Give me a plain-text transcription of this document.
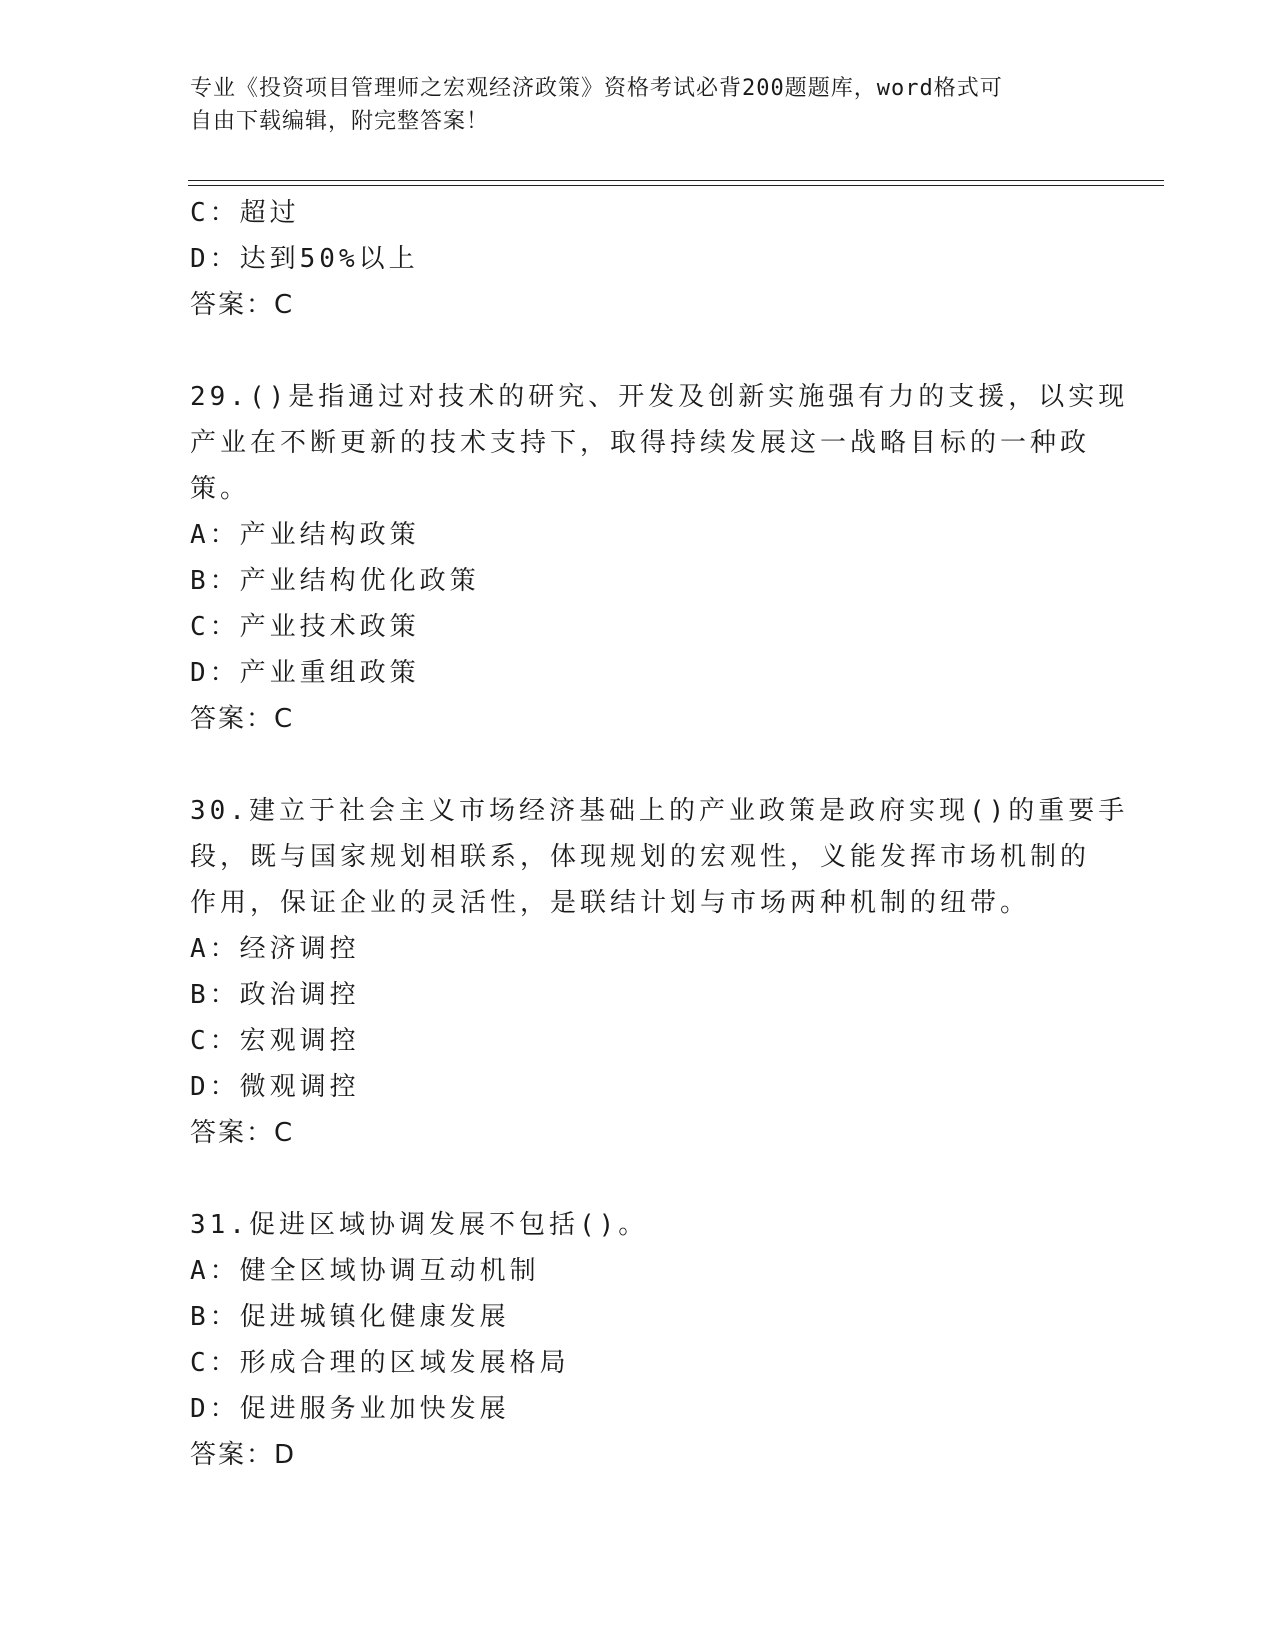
专业《投资项目管理师之宏观经济政策》资格考试必背200题题库，word格式可
自由下载编辑，附完整答案！
C：超过
D：达到50%以上
答案：C
29.()是指通过对技术的研究、开发及创新实施强有力的支援，以实现
产业在不断更新的技术支持下，取得持续发展这一战略目标的一种政
策。
A：产业结构政策
B：产业结构优化政策
C：产业技术政策
D：产业重组政策
答案：C
30.建立于社会主义市场经济基础上的产业政策是政府实现()的重要手
段，既与国家规划相联系，体现规划的宏观性，义能发挥市场机制的
作用，保证企业的灵活性，是联结计划与市场两种机制的纽带。
A：经济调控
B：政治调控
C：宏观调控
D：微观调控
答案：C
31.促进区域协调发展不包括()。
A：健全区域协调互动机制
B：促进城镇化健康发展
C：形成合理的区域发展格局
D：促进服务业加快发展
答案：D
